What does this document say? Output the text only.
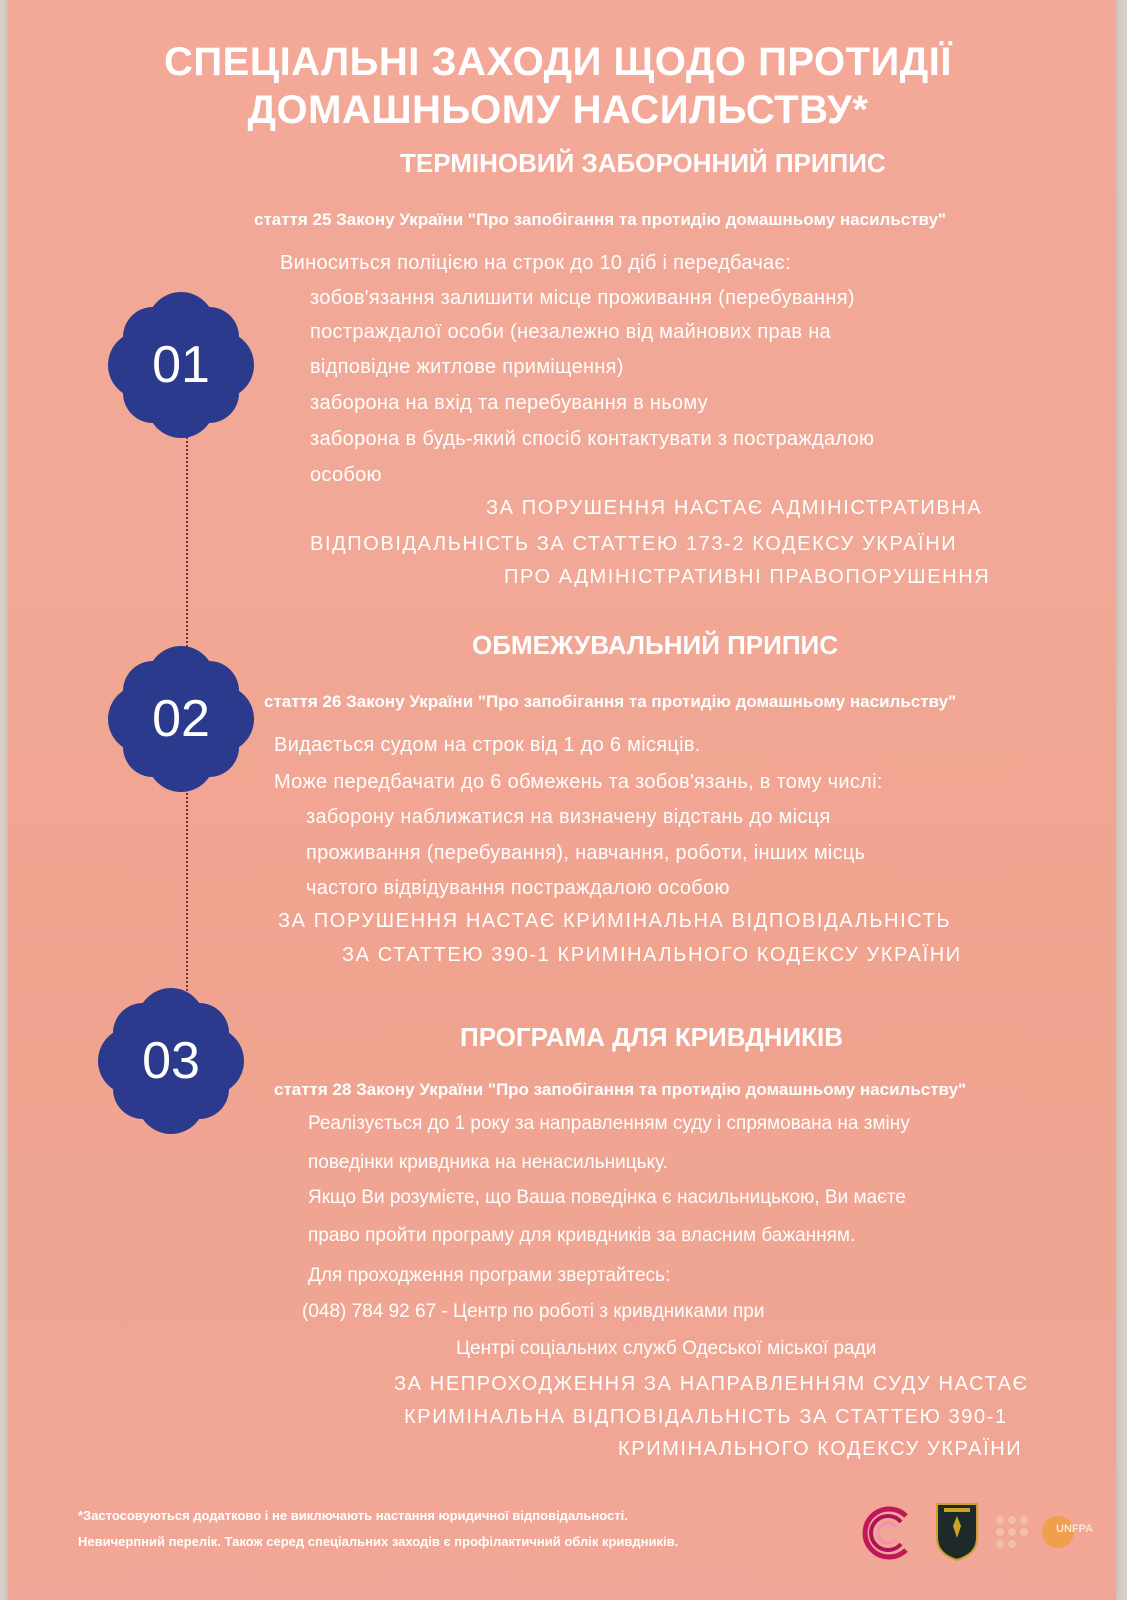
СПЕЦІАЛЬНІ ЗАХОДИ ЩОДО ПРОТИДІЇ
ДОМАШНЬОМУ НАСИЛЬСТВУ*
01
02
03
ТЕРМІНОВИЙ ЗАБОРОННИЙ ПРИПИС
стаття 25 Закону України "Про запобігання та протидію домашньому насильству"
Виноситься поліцією на строк до 10 діб і передбачає:
зобов'язання залишити місце проживання (перебування)
постраждалої особи (незалежно від майнових прав на
відповідне житлове приміщення)
заборона на вхід та перебування в ньому
заборона в будь-який спосіб контактувати з постраждалою
особою
ЗА ПОРУШЕННЯ НАСТАЄ АДМІНІСТРАТИВНА
ВІДПОВІДАЛЬНІСТЬ ЗА СТАТТЕЮ 173-2 КОДЕКСУ УКРАЇНИ
ПРО АДМІНІСТРАТИВНІ ПРАВОПОРУШЕННЯ
ОБМЕЖУВАЛЬНИЙ ПРИПИС
стаття 26 Закону України "Про запобігання та протидію домашньому насильству"
Видається судом на строк від 1 до 6 місяців.
Може передбачати до 6 обмежень та зобов'язань, в тому числі:
заборону наближатися на визначену відстань до місця
проживання (перебування), навчання, роботи, інших місць
частого відвідування постраждалою особою
ЗА ПОРУШЕННЯ НАСТАЄ КРИМІНАЛЬНА ВІДПОВІДАЛЬНІСТЬ
ЗА СТАТТЕЮ 390-1 КРИМІНАЛЬНОГО КОДЕКСУ УКРАЇНИ
ПРОГРАМА ДЛЯ КРИВДНИКІВ
стаття 28 Закону України "Про запобігання та протидію домашньому насильству"
Реалізується до 1 року за направленням суду і спрямована на зміну
поведінки кривдника на ненасильницьку.
Якщо Ви розумієте, що Ваша поведінка є насильницькою, Ви маєте
право пройти програму для кривдників за власним бажанням.
Для проходження програми звертайтесь:
(048) 784 92 67 - Центр по роботі з кривдниками при
Центрі соціальних служб Одеської міської ради
ЗА НЕПРОХОДЖЕННЯ ЗА НАПРАВЛЕННЯМ СУДУ НАСТАЄ
КРИМІНАЛЬНА ВІДПОВІДАЛЬНІСТЬ ЗА СТАТТЕЮ 390-1
КРИМІНАЛЬНОГО КОДЕКСУ УКРАЇНИ
*Застосовуються додатково і не виключають настання юридичної відповідальності.
Невичерпний перелік. Також серед спеціальних заходів є профілактичний облік кривдників.
UNFPA
